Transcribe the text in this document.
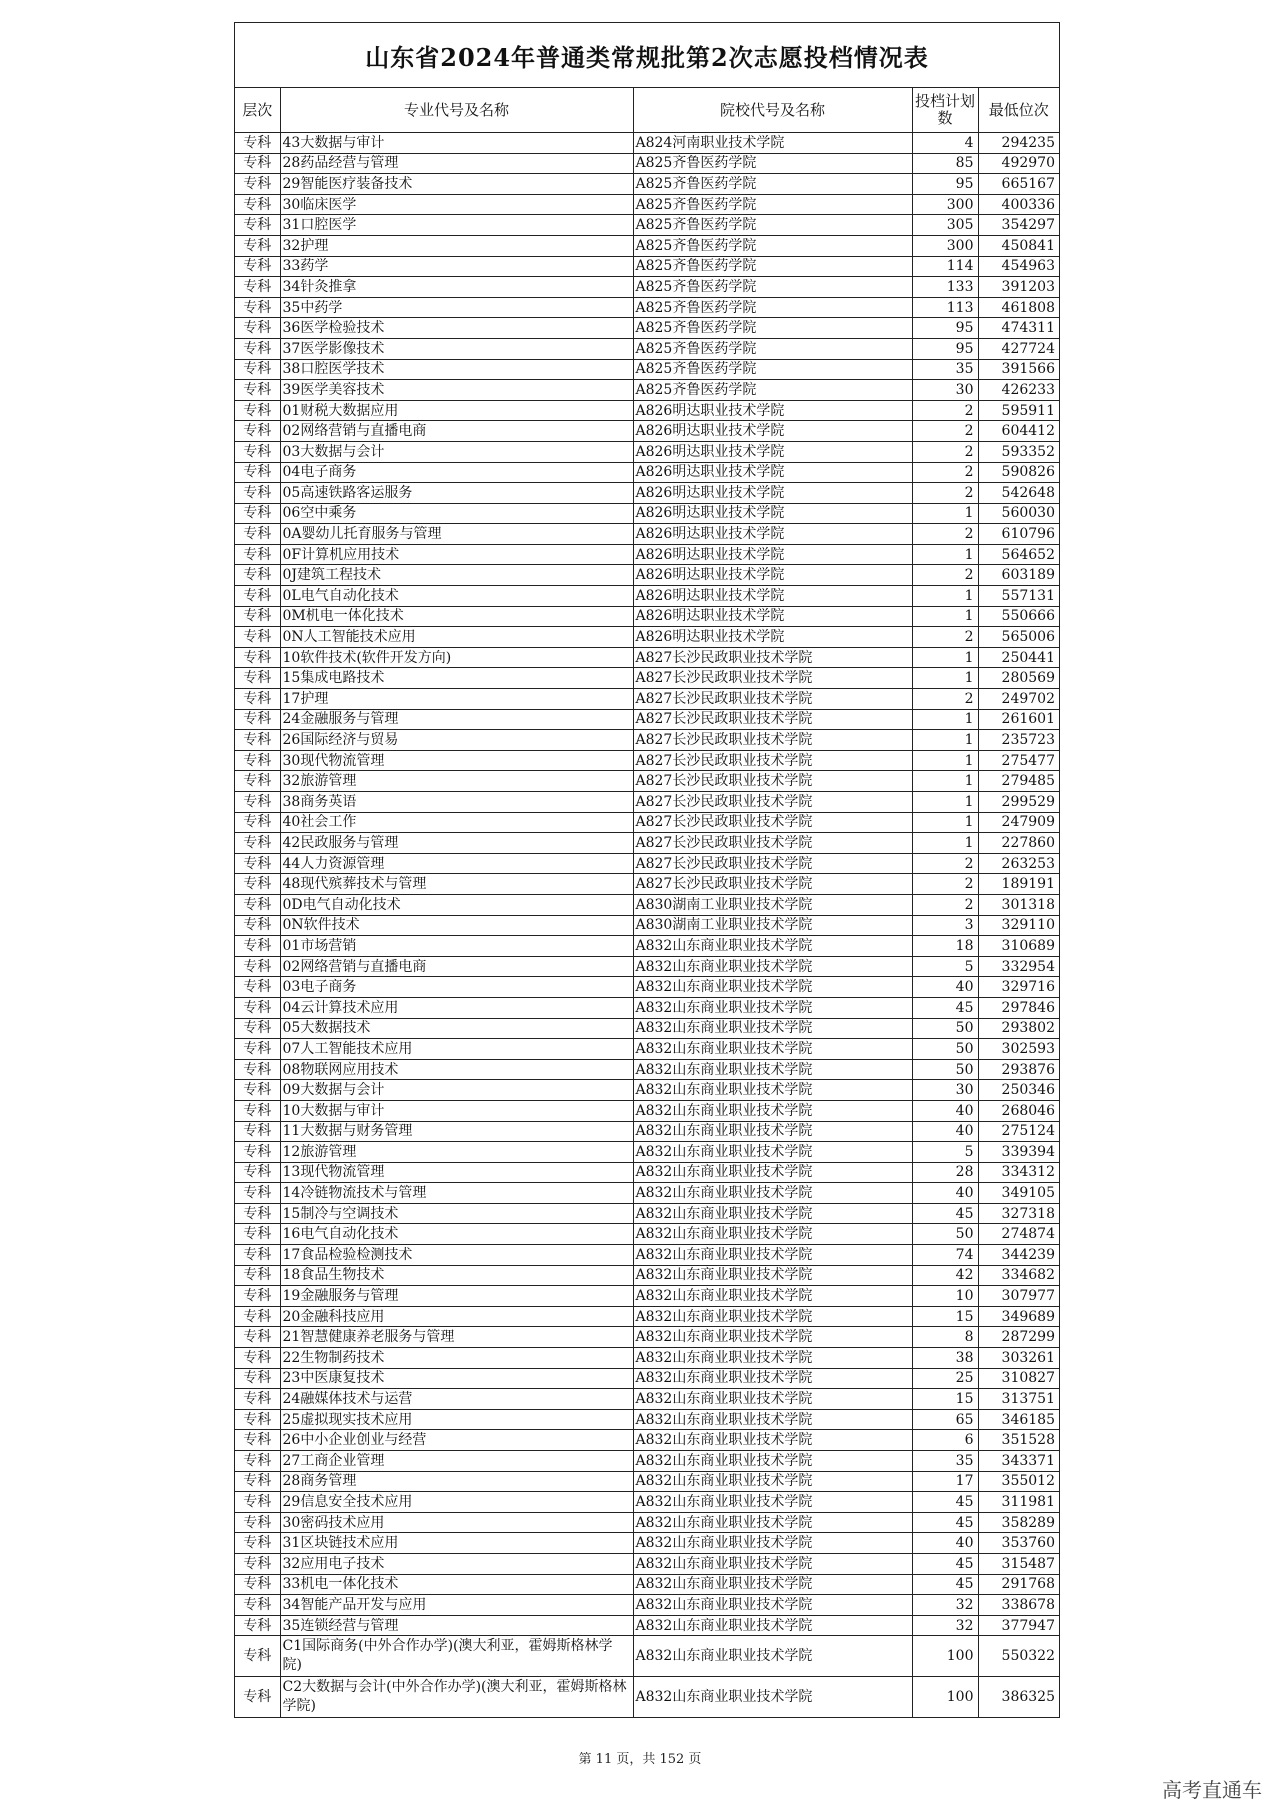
山东省2024年普通类常规批第2次志愿投档情况表
层次	专业代号及名称	院校代号及名称	投档计划数	最低位次
专科	43大数据与审计	A824河南职业技术学院	4	294235
专科	28药品经营与管理	A825齐鲁医药学院	85	492970
专科	29智能医疗装备技术	A825齐鲁医药学院	95	665167
专科	30临床医学	A825齐鲁医药学院	300	400336
专科	31口腔医学	A825齐鲁医药学院	305	354297
专科	32护理	A825齐鲁医药学院	300	450841
专科	33药学	A825齐鲁医药学院	114	454963
专科	34针灸推拿	A825齐鲁医药学院	133	391203
专科	35中药学	A825齐鲁医药学院	113	461808
专科	36医学检验技术	A825齐鲁医药学院	95	474311
专科	37医学影像技术	A825齐鲁医药学院	95	427724
专科	38口腔医学技术	A825齐鲁医药学院	35	391566
专科	39医学美容技术	A825齐鲁医药学院	30	426233
专科	01财税大数据应用	A826明达职业技术学院	2	595911
专科	02网络营销与直播电商	A826明达职业技术学院	2	604412
专科	03大数据与会计	A826明达职业技术学院	2	593352
专科	04电子商务	A826明达职业技术学院	2	590826
专科	05高速铁路客运服务	A826明达职业技术学院	2	542648
专科	06空中乘务	A826明达职业技术学院	1	560030
专科	0A婴幼儿托育服务与管理	A826明达职业技术学院	2	610796
专科	0F计算机应用技术	A826明达职业技术学院	1	564652
专科	0J建筑工程技术	A826明达职业技术学院	2	603189
专科	0L电气自动化技术	A826明达职业技术学院	1	557131
专科	0M机电一体化技术	A826明达职业技术学院	1	550666
专科	0N人工智能技术应用	A826明达职业技术学院	2	565006
专科	10软件技术(软件开发方向)	A827长沙民政职业技术学院	1	250441
专科	15集成电路技术	A827长沙民政职业技术学院	1	280569
专科	17护理	A827长沙民政职业技术学院	2	249702
专科	24金融服务与管理	A827长沙民政职业技术学院	1	261601
专科	26国际经济与贸易	A827长沙民政职业技术学院	1	235723
专科	30现代物流管理	A827长沙民政职业技术学院	1	275477
专科	32旅游管理	A827长沙民政职业技术学院	1	279485
专科	38商务英语	A827长沙民政职业技术学院	1	299529
专科	40社会工作	A827长沙民政职业技术学院	1	247909
专科	42民政服务与管理	A827长沙民政职业技术学院	1	227860
专科	44人力资源管理	A827长沙民政职业技术学院	2	263253
专科	48现代殡葬技术与管理	A827长沙民政职业技术学院	2	189191
专科	0D电气自动化技术	A830湖南工业职业技术学院	2	301318
专科	0N软件技术	A830湖南工业职业技术学院	3	329110
专科	01市场营销	A832山东商业职业技术学院	18	310689
专科	02网络营销与直播电商	A832山东商业职业技术学院	5	332954
专科	03电子商务	A832山东商业职业技术学院	40	329716
专科	04云计算技术应用	A832山东商业职业技术学院	45	297846
专科	05大数据技术	A832山东商业职业技术学院	50	293802
专科	07人工智能技术应用	A832山东商业职业技术学院	50	302593
专科	08物联网应用技术	A832山东商业职业技术学院	50	293876
专科	09大数据与会计	A832山东商业职业技术学院	30	250346
专科	10大数据与审计	A832山东商业职业技术学院	40	268046
专科	11大数据与财务管理	A832山东商业职业技术学院	40	275124
专科	12旅游管理	A832山东商业职业技术学院	5	339394
专科	13现代物流管理	A832山东商业职业技术学院	28	334312
专科	14冷链物流技术与管理	A832山东商业职业技术学院	40	349105
专科	15制冷与空调技术	A832山东商业职业技术学院	45	327318
专科	16电气自动化技术	A832山东商业职业技术学院	50	274874
专科	17食品检验检测技术	A832山东商业职业技术学院	74	344239
专科	18食品生物技术	A832山东商业职业技术学院	42	334682
专科	19金融服务与管理	A832山东商业职业技术学院	10	307977
专科	20金融科技应用	A832山东商业职业技术学院	15	349689
专科	21智慧健康养老服务与管理	A832山东商业职业技术学院	8	287299
专科	22生物制药技术	A832山东商业职业技术学院	38	303261
专科	23中医康复技术	A832山东商业职业技术学院	25	310827
专科	24融媒体技术与运营	A832山东商业职业技术学院	15	313751
专科	25虚拟现实技术应用	A832山东商业职业技术学院	65	346185
专科	26中小企业创业与经营	A832山东商业职业技术学院	6	351528
专科	27工商企业管理	A832山东商业职业技术学院	35	343371
专科	28商务管理	A832山东商业职业技术学院	17	355012
专科	29信息安全技术应用	A832山东商业职业技术学院	45	311981
专科	30密码技术应用	A832山东商业职业技术学院	45	358289
专科	31区块链技术应用	A832山东商业职业技术学院	40	353760
专科	32应用电子技术	A832山东商业职业技术学院	45	315487
专科	33机电一体化技术	A832山东商业职业技术学院	45	291768
专科	34智能产品开发与应用	A832山东商业职业技术学院	32	338678
专科	35连锁经营与管理	A832山东商业职业技术学院	32	377947
专科	C1国际商务(中外合作办学)(澳大利亚，霍姆斯格林学院)	A832山东商业职业技术学院	100	550322
专科	C2大数据与会计(中外合作办学)(澳大利亚，霍姆斯格林学院)	A832山东商业职业技术学院	100	386325
第 11 页，共 152 页
高考直通车
